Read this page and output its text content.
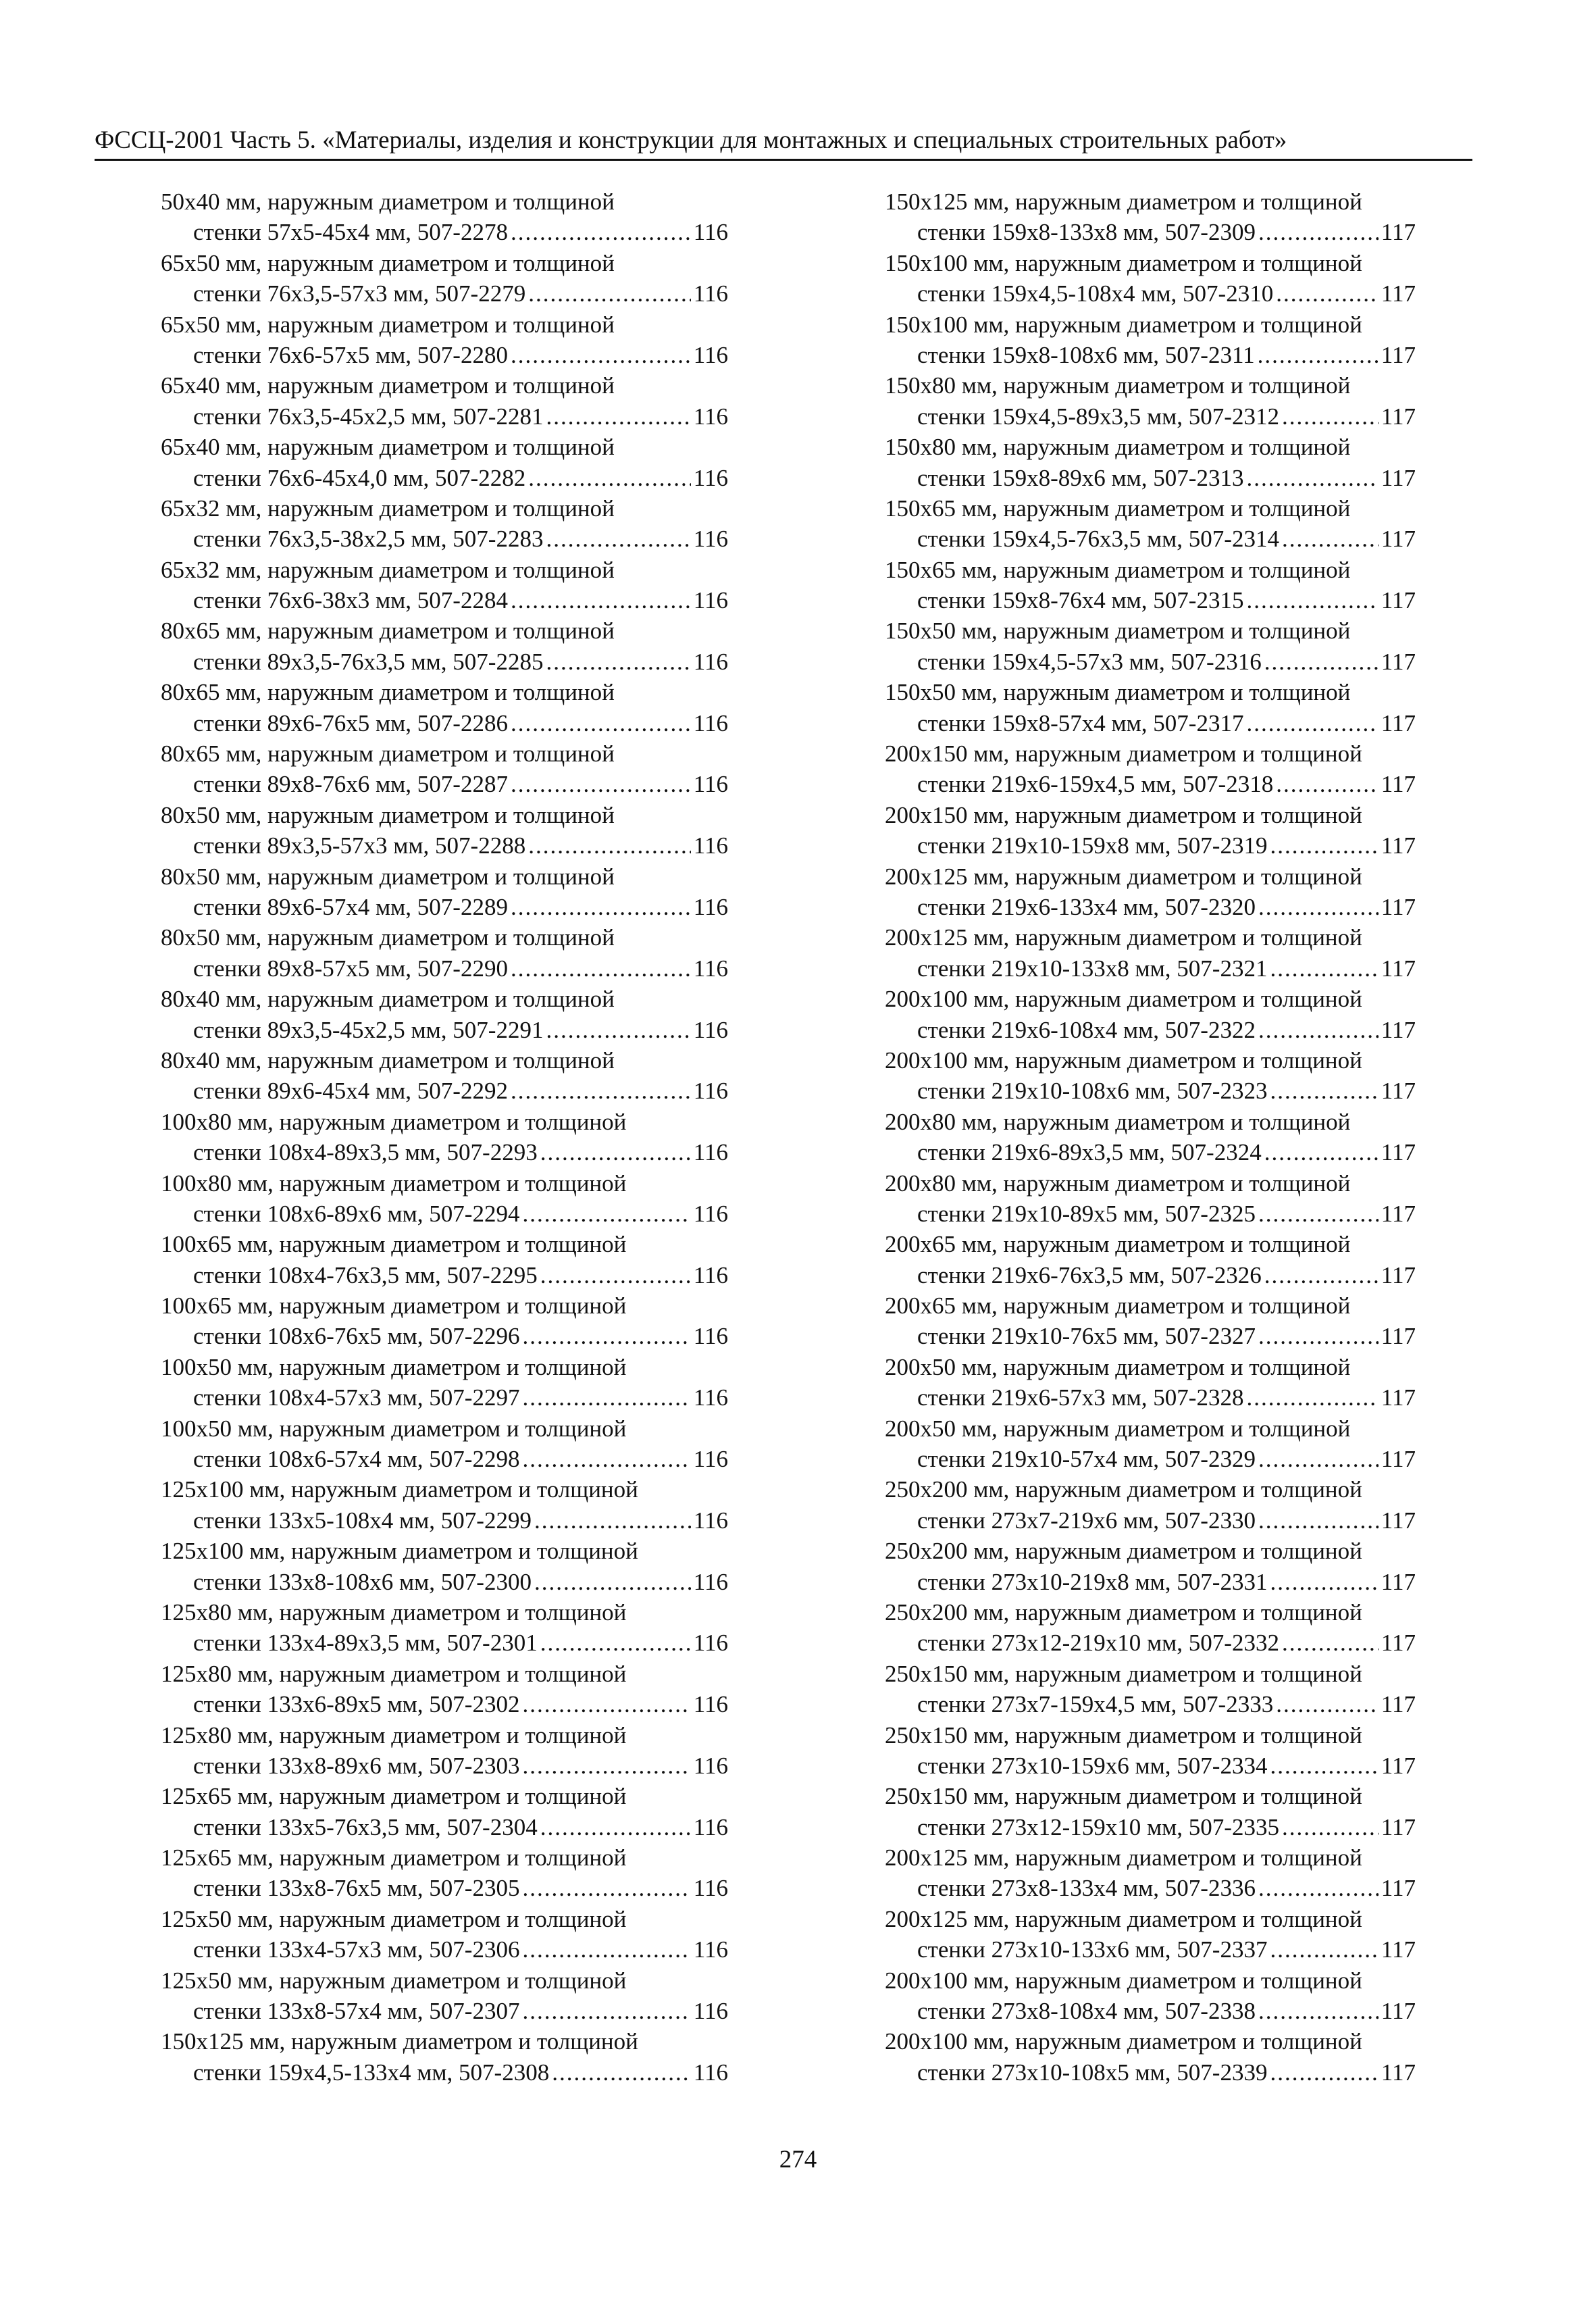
ФССЦ-2001 Часть 5. «Материалы, изделия и конструкции для монтажных и специальных строительных работ»
50x40 мм, наружным диаметром и толщиной
стенки 57x5-45x4 мм, 507-2278 .....	116
65x50 мм, наружным диаметром и толщиной
стенки 76x3,5-57x3 мм, 507-2279 .....	116
65x50 мм, наружным диаметром и толщиной
стенки 76x6-57x5 мм, 507-2280 .....	116
65x40 мм, наружным диаметром и толщиной
стенки 76x3,5-45x2,5 мм, 507-2281 .....	116
65x40 мм, наружным диаметром и толщиной
стенки 76x6-45x4,0 мм, 507-2282 .....	116
65x32 мм, наружным диаметром и толщиной
стенки 76x3,5-38x2,5 мм, 507-2283 .....	116
65x32 мм, наружным диаметром и толщиной
стенки 76x6-38x3 мм, 507-2284 .....	116
80x65 мм, наружным диаметром и толщиной
стенки 89x3,5-76x3,5 мм, 507-2285 .....	116
80x65 мм, наружным диаметром и толщиной
стенки 89x6-76x5 мм, 507-2286 .....	116
80x65 мм, наружным диаметром и толщиной
стенки 89x8-76x6 мм, 507-2287 .....	116
80x50 мм, наружным диаметром и толщиной
стенки 89x3,5-57x3 мм, 507-2288 .....	116
80x50 мм, наружным диаметром и толщиной
стенки 89x6-57x4 мм, 507-2289 .....	116
80x50 мм, наружным диаметром и толщиной
стенки 89x8-57x5 мм, 507-2290 .....	116
80x40 мм, наружным диаметром и толщиной
стенки 89x3,5-45x2,5 мм, 507-2291 .....	116
80x40 мм, наружным диаметром и толщиной
стенки 89x6-45x4 мм, 507-2292 .....	116
100x80 мм, наружным диаметром и толщиной
стенки 108x4-89x3,5 мм, 507-2293 .....	116
100x80 мм, наружным диаметром и толщиной
стенки 108x6-89x6 мм, 507-2294 .....	116
100x65 мм, наружным диаметром и толщиной
стенки 108x4-76x3,5 мм, 507-2295 .....	116
100x65 мм, наружным диаметром и толщиной
стенки 108x6-76x5 мм, 507-2296 .....	116
100x50 мм, наружным диаметром и толщиной
стенки 108x4-57x3 мм, 507-2297 .....	116
100x50 мм, наружным диаметром и толщиной
стенки 108x6-57x4 мм, 507-2298 .....	116
125x100 мм, наружным диаметром и толщиной
стенки 133x5-108x4 мм, 507-2299 .....	116
125x100 мм, наружным диаметром и толщиной
стенки 133x8-108x6 мм, 507-2300 .....	116
125x80 мм, наружным диаметром и толщиной
стенки 133x4-89x3,5 мм, 507-2301 .....	116
125x80 мм, наружным диаметром и толщиной
стенки 133x6-89x5 мм, 507-2302 .....	116
125x80 мм, наружным диаметром и толщиной
стенки 133x8-89x6 мм, 507-2303 .....	116
125x65 мм, наружным диаметром и толщиной
стенки 133x5-76x3,5 мм, 507-2304 .....	116
125x65 мм, наружным диаметром и толщиной
стенки 133x8-76x5 мм, 507-2305 .....	116
125x50 мм, наружным диаметром и толщиной
стенки 133x4-57x3 мм, 507-2306 .....	116
125x50 мм, наружным диаметром и толщиной
стенки 133x8-57x4 мм, 507-2307 .....	116
150x125 мм, наружным диаметром и толщиной
стенки 159x4,5-133x4 мм, 507-2308 .....	116
150x125 мм, наружным диаметром и толщиной
стенки 159x8-133x8 мм, 507-2309 .....	117
150x100 мм, наружным диаметром и толщиной
стенки 159x4,5-108x4 мм, 507-2310 .....	117
150x100 мм, наружным диаметром и толщиной
стенки 159x8-108x6 мм, 507-2311 .....	117
150x80 мм, наружным диаметром и толщиной
стенки 159x4,5-89x3,5 мм, 507-2312 .....	117
150x80 мм, наружным диаметром и толщиной
стенки 159x8-89x6 мм, 507-2313 .....	117
150x65 мм, наружным диаметром и толщиной
стенки 159x4,5-76x3,5 мм, 507-2314 .....	117
150x65 мм, наружным диаметром и толщиной
стенки 159x8-76x4 мм, 507-2315 .....	117
150x50 мм, наружным диаметром и толщиной
стенки 159x4,5-57x3 мм, 507-2316 .....	117
150x50 мм, наружным диаметром и толщиной
стенки 159x8-57x4 мм, 507-2317 .....	117
200x150 мм, наружным диаметром и толщиной
стенки 219x6-159x4,5 мм, 507-2318 .....	117
200x150 мм, наружным диаметром и толщиной
стенки 219x10-159x8 мм, 507-2319 .....	117
200x125 мм, наружным диаметром и толщиной
стенки 219x6-133x4 мм, 507-2320 .....	117
200x125 мм, наружным диаметром и толщиной
стенки 219x10-133x8 мм, 507-2321 .....	117
200x100 мм, наружным диаметром и толщиной
стенки 219x6-108x4 мм, 507-2322 .....	117
200x100 мм, наружным диаметром и толщиной
стенки 219x10-108x6 мм, 507-2323 .....	117
200x80 мм, наружным диаметром и толщиной
стенки 219x6-89x3,5 мм, 507-2324 .....	117
200x80 мм, наружным диаметром и толщиной
стенки 219x10-89x5 мм, 507-2325 .....	117
200x65 мм, наружным диаметром и толщиной
стенки 219x6-76x3,5 мм, 507-2326 .....	117
200x65 мм, наружным диаметром и толщиной
стенки 219x10-76x5 мм, 507-2327 .....	117
200x50 мм, наружным диаметром и толщиной
стенки 219x6-57x3 мм, 507-2328 .....	117
200x50 мм, наружным диаметром и толщиной
стенки 219x10-57x4 мм, 507-2329 .....	117
250x200 мм, наружным диаметром и толщиной
стенки 273x7-219x6 мм, 507-2330 .....	117
250x200 мм, наружным диаметром и толщиной
стенки 273x10-219x8 мм, 507-2331 .....	117
250x200 мм, наружным диаметром и толщиной
стенки 273x12-219x10 мм, 507-2332 .....	117
250x150 мм, наружным диаметром и толщиной
стенки 273x7-159x4,5 мм, 507-2333 .....	117
250x150 мм, наружным диаметром и толщиной
стенки 273x10-159x6 мм, 507-2334 .....	117
250x150 мм, наружным диаметром и толщиной
стенки 273x12-159x10 мм, 507-2335 .....	117
200x125 мм, наружным диаметром и толщиной
стенки 273x8-133x4 мм, 507-2336 .....	117
200x125 мм, наружным диаметром и толщиной
стенки 273x10-133x6 мм, 507-2337 .....	117
200x100 мм, наружным диаметром и толщиной
стенки 273x8-108x4 мм, 507-2338 .....	117
200x100 мм, наружным диаметром и толщиной
стенки 273x10-108x5 мм, 507-2339 .....	117
274
